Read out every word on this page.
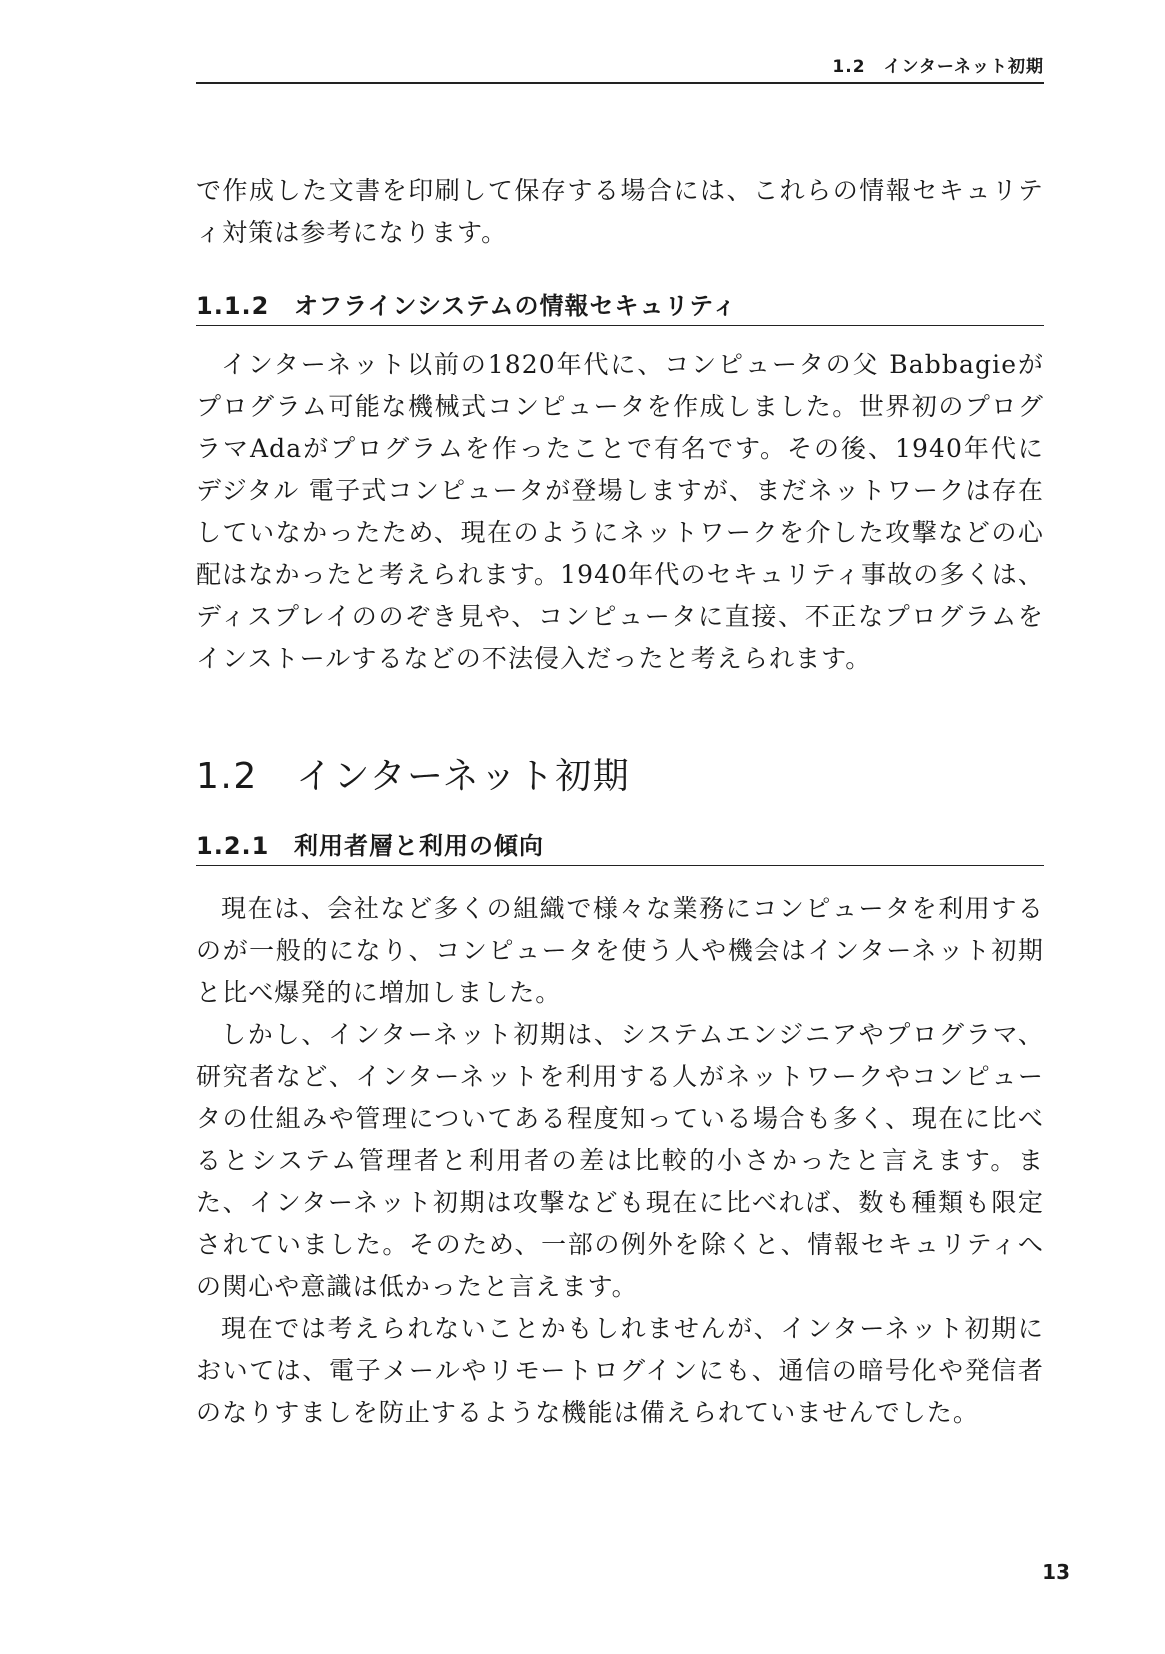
1.2　インターネット初期

で作成した文書を印刷して保存する場合には、これらの情報セキュリティ対策は参考になります。

1.1.2 オフラインシステムの情報セキュリティ

インターネット以前の1820年代に、コンピュータの父 Babbagieがプログラム可能な機械式コンピュータを作成しました。世界初のプログラマAdaがプログラムを作ったことで有名です。その後、1940年代にデジタル 電子式コンピュータが登場しますが、まだネットワークは存在していなかったため、現在のようにネットワークを介した攻撃などの心配はなかったと考えられます。1940年代のセキュリティ事故の多くは、ディスプレイののぞき見や、コンピュータに直接、不正なプログラムをインストールするなどの不法侵入だったと考えられます。

1.2 インターネット初期
1.2.1 利用者層と利用の傾向

現在は、会社など多くの組織で様々な業務にコンピュータを利用するのが一般的になり、コンピュータを使う人や機会はインターネット初期と比べ爆発的に増加しました。

しかし、インターネット初期は、システムエンジニアやプログラマ、研究者など、インターネットを利用する人がネットワークやコンピュータの仕組みや管理についてある程度知っている場合も多く、現在に比べるとシステム管理者と利用者の差は比較的小さかったと言えます。また、インターネット初期は攻撃なども現在に比べれば、数も種類も限定されていました。そのため、一部の例外を除くと、情報セキュリティへの関心や意識は低かったと言えます。

現在では考えられないことかもしれませんが、インターネット初期においては、電子メールやリモートログインにも、通信の暗号化や発信者のなりすましを防止するような機能は備えられていませんでした。

13
